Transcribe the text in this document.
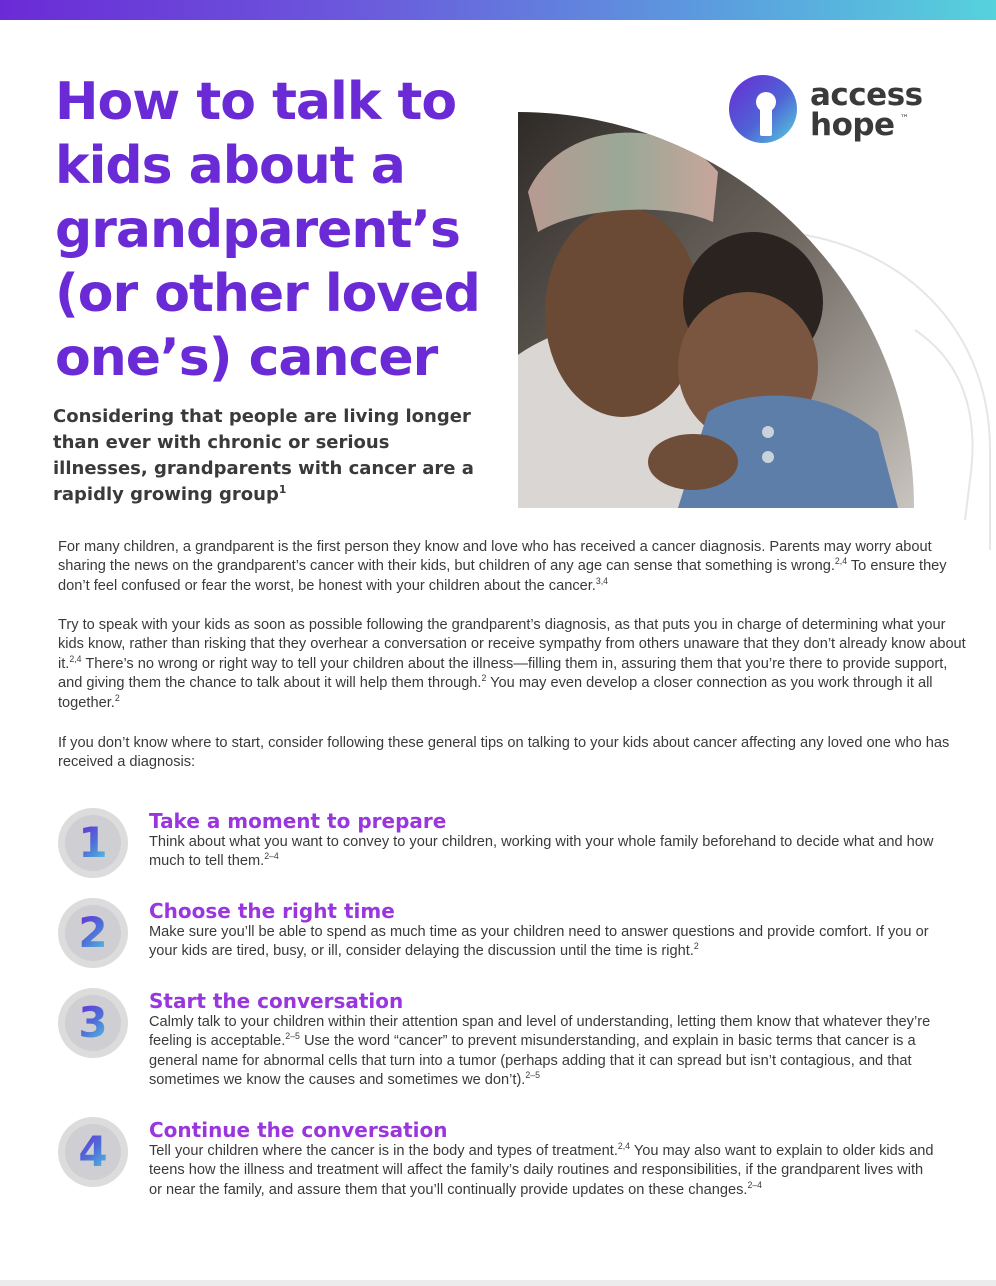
How to talk to kids about a grandparent’s (or other loved one’s) cancer

Considering that people are living longer than ever with chronic or serious illnesses, grandparents with cancer are a rapidly growing group$^1$

access
hope ™

For many children, a grandparent is the first person they know and love who has received a cancer diagnosis. Parents may worry about sharing the news on the grandparent’s cancer with their kids, but children of any age can sense that something is wrong.$^{2,4}$ To ensure they don’t feel confused or fear the worst, be honest with your children about the cancer.$^{3,4}$

Try to speak with your kids as soon as possible following the grandparent’s diagnosis, as that puts you in charge of determining what your kids know, rather than risking that they overhear a conversation or receive sympathy from others unaware that they don’t already know about it.$^{2,4}$ There’s no wrong or right way to tell your children about the illness—filling them in, assuring them that you’re there to provide support, and giving them the chance to talk about it will help them through.$^2$ You may even develop a closer connection as you work through it all together.$^2$

If you don’t know where to start, consider following these general tips on talking to your kids about cancer affecting any loved one who has received a diagnosis:

1 Take a moment to prepare

Think about what you want to convey to your children, working with your whole family beforehand to decide what and how much to tell them.$^{2-4}$

2 Choose the right time

Make sure you’ll be able to spend as much time as your children need to answer questions and provide comfort. If you or your kids are tired, busy, or ill, consider delaying the discussion until the time is right.$^2$

3 Start the conversation

Calmly talk to your children within their attention span and level of understanding, letting them know that whatever they’re feeling is acceptable.$^{2-5}$ Use the word “cancer” to prevent misunderstanding, and explain in basic terms that cancer is a general name for abnormal cells that turn into a tumor (perhaps adding that it can spread but isn’t contagious, and that sometimes we know the causes and sometimes we don’t).$^{2-5}$

4 Continue the conversation

Tell your children where the cancer is in the body and types of treatment.$^{2,4}$ You may also want to explain to older kids and teens how the illness and treatment will affect the family’s daily routines and responsibilities, if the grandparent lives with or near the family, and assure them that you’ll continually provide updates on these changes.$^{2-4}$
